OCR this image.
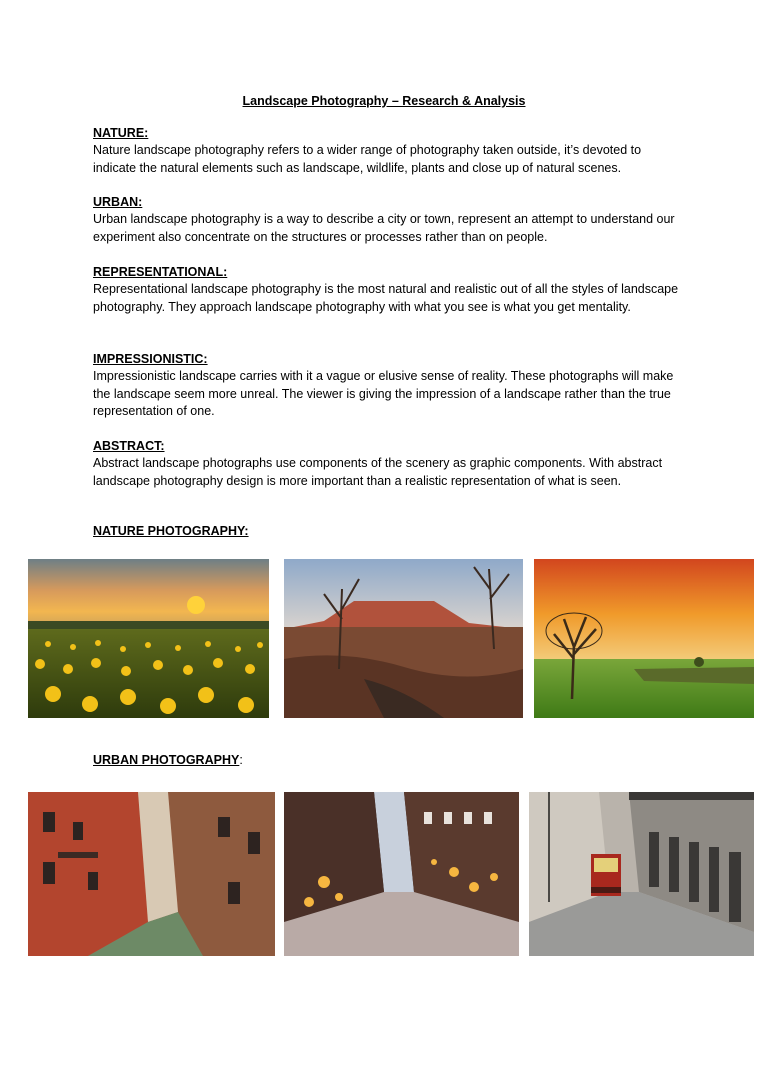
Landscape Photography – Research & Analysis
NATURE:

Nature landscape photography refers to a wider range of photography taken outside, it’s devoted to indicate the natural elements such as landscape, wildlife, plants and close up of natural scenes.

URBAN:

Urban landscape photography is a way to describe a city or town, represent an attempt to understand our experiment also concentrate on the structures or processes rather than on people.

REPRESENTATIONAL:

Representational landscape photography is the most natural and realistic out of all the styles of landscape photography. They approach landscape photography with what you see is what you get mentality.

IMPRESSIONISTIC:

Impressionistic landscape carries with it a vague or elusive sense of reality. These photographs will make the landscape seem more unreal. The viewer is giving the impression of a landscape rather than the true representation of one.

ABSTRACT:

Abstract landscape photographs use components of the scenery as graphic components. With abstract landscape photography design is more important than a realistic representation of what is seen.

NATURE PHOTOGRAPHY:
URBAN PHOTOGRAPHY:
